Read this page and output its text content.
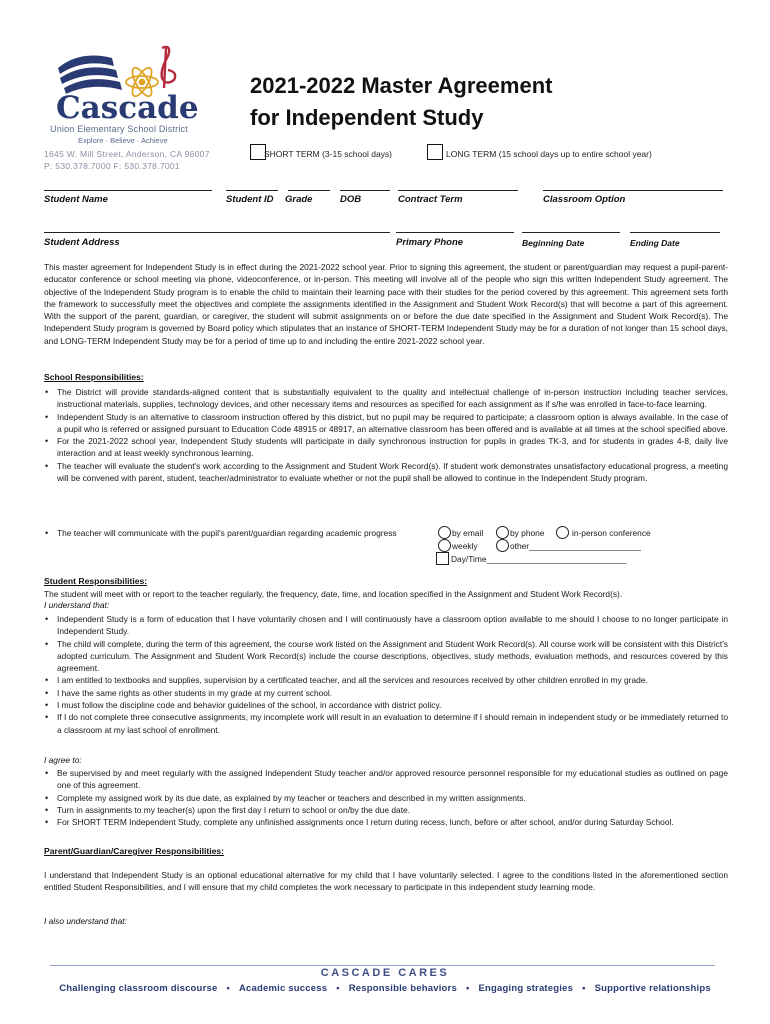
Cascade
Union Elementary School District
Explore · Believe · Achieve
1645 W. Mill Street, Anderson, CA 96007
P: 530.378.7000 F: 530.378.7001
2021-2022 Master Agreement
for Independent Study
SHORT TERM (3-15 school days)	LONG TERM (15 school days up to entire school year)
Student Name	Student ID Grade	DOB	Contract Term	Classroom Option
Student Address	Primary Phone	Beginning Date	Ending Date
This master agreement for Independent Study is in effect during the 2021-2022 school year. Prior to signing this agreement, the student or parent/guardian may request a pupil-parent-educator conference or school meeting via phone, videoconference, or in-person. This meeting will involve all of the people who sign this written Independent Study agreement. The objective of the Independent Study program is to enable the child to maintain their learning pace with their studies for the period covered by this agreement. This agreement sets forth the framework to successfully meet the objectives and complete the assignments identified in the Assignment and Student Work Record(s) that will become a part of this agreement. With the support of the parent, guardian, or caregiver, the student will submit assignments on or before the due date specified in the Assignment and Student Work Record(s). The Independent Study program is governed by Board policy which stipulates that an instance of SHORT-TERM Independent Study may be for a duration of not longer than 15 school days, and LONG-TERM Independent Study may be for a period of time up to and including the entire 2021-2022 school year.
School Responsibilities:
• The District will provide standards-aligned content that is substantially equivalent to the quality and intellectual challenge of in-person instruction including teacher services, instructional materials, supplies, technology devices, and other necessary items and resources as specified for each assignment as if s/he was enrolled in face-to-face learning.
• Independent Study is an alternative to classroom instruction offered by this district, but no pupil may be required to participate; a classroom option is always available. In the case of a pupil who is referred or assigned pursuant to Education Code 48915 or 48917, an alternative classroom has been offered and is available at all times at the school specified above.
• For the 2021-2022 school year, Independent Study students will participate in daily synchronous instruction for pupils in grades TK-3, and for students in grades 4-8, daily live interaction and at least weekly synchronous learning.
• The teacher will evaluate the student's work according to the Assignment and Student Work Record(s). If student work demonstrates unsatisfactory educational progress, a meeting will be convened with parent, student, teacher/administrator to evaluate whether or not the pupil shall be allowed to continue in the Independent Study program.
• The teacher will communicate with the pupil's parent/guardian regarding academic progress	by email	by phone	in-person conference
weekly	other________________________
Day/Time______________________________
Student Responsibilities:
The student will meet with or report to the teacher regularly, the frequency, date, time, and location specified in the Assignment and Student Work Record(s).
I understand that:
• Independent Study is a form of education that I have voluntarily chosen and I will continuously have a classroom option available to me should I choose to no longer participate in Independent Study.
• The child will complete, during the term of this agreement, the course work listed on the Assignment and Student Work Record(s). All course work will be consistent with this District's adopted curriculum. The Assignment and Student Work Record(s) include the course descriptions, objectives, study methods, evaluation methods, and resources covered by this agreement.
• I am entitled to textbooks and supplies, supervision by a certificated teacher, and all the services and resources received by other children enrolled in my grade.
• I have the same rights as other students in my grade at my current school.
• I must follow the discipline code and behavior guidelines of the school, in accordance with district policy.
• If I do not complete three consecutive assignments, my incomplete work will result in an evaluation to determine if I should remain in independent study or be immediately returned to a classroom at my last school of enrollment.
I agree to:
• Be supervised by and meet regularly with the assigned Independent Study teacher and/or approved resource personnel responsible for my educational studies as outlined on page one of this agreement.
• Complete my assigned work by its due date, as explained by my teacher or teachers and described in my written assignments.
• Turn in assignments to my teacher(s) upon the first day I return to school or on/by the due date.
• For SHORT TERM Independent Study, complete any unfinished assignments once I return during recess, lunch, before or after school, and/or during Saturday School.
Parent/Guardian/Caregiver Responsibilities:
I understand that Independent Study is an optional educational alternative for my child that I have voluntarily selected. I agree to the conditions listed in the aforementioned section entitled Student Responsibilities, and I will ensure that my child completes the work necessary to participate in this independent study learning mode.
I also understand that:
CASCADE CARES
Challenging classroom discourse • Academic success • Responsible behaviors • Engaging strategies • Supportive relationships
